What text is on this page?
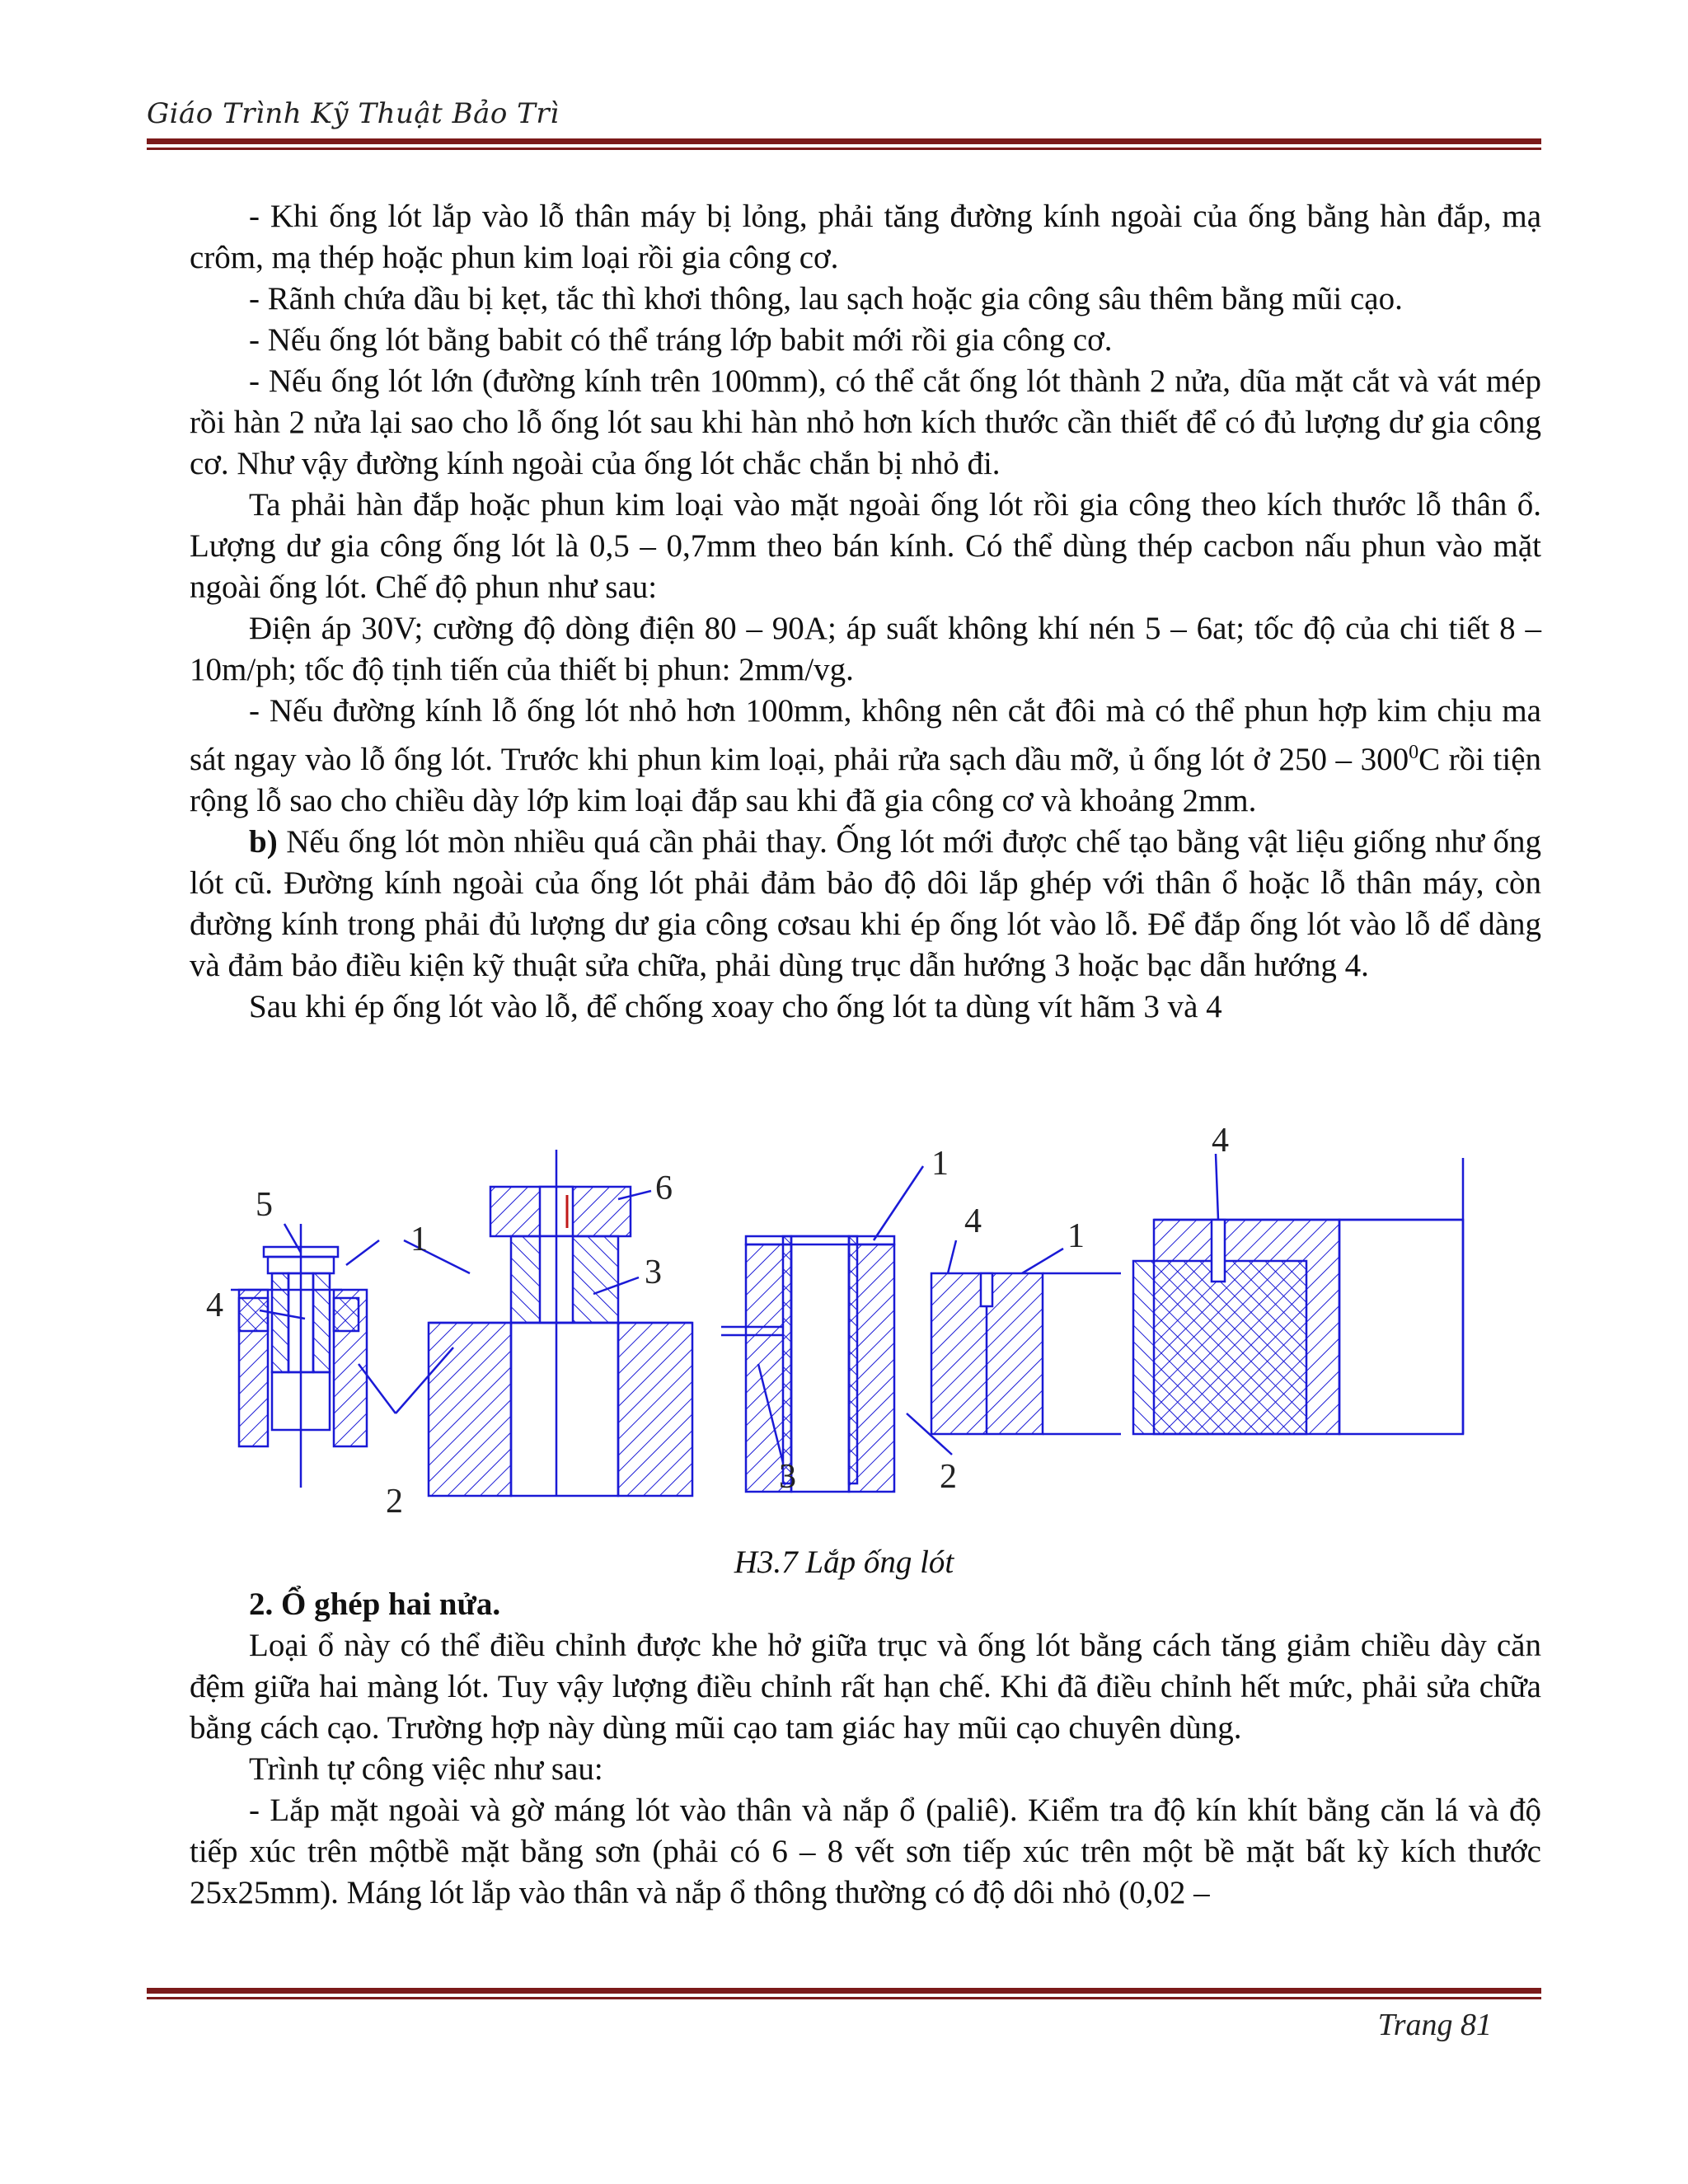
Giáo Trình Kỹ Thuật Bảo Trì

- Khi ống lót lắp vào lỗ thân máy bị lỏng, phải tăng đường kính ngoài của ống bằng hàn đắp, mạ crôm, mạ thép hoặc phun kim loại rồi gia công cơ.

- Rãnh chứa dầu bị kẹt, tắc thì khơi thông, lau sạch hoặc gia công sâu thêm bằng mũi cạo.

- Nếu ống lót bằng babit có thể tráng lớp babit mới rồi gia công cơ.

- Nếu ống lót lớn (đường kính trên 100mm), có thể cắt ống lót thành 2 nửa, dũa mặt cắt và vát mép rồi hàn 2 nửa lại sao cho lỗ ống lót sau khi hàn nhỏ hơn kích thước cần thiết để có đủ lượng dư gia công cơ. Như vậy đường kính ngoài của ống lót chắc chắn bị nhỏ đi.

Ta phải hàn đắp hoặc phun kim loại vào mặt ngoài ống lót rồi gia công theo kích thước lỗ thân ổ. Lượng dư gia công ống lót là 0,5 – 0,7mm theo bán kính. Có thể dùng thép cacbon nấu phun vào mặt ngoài ống lót. Chế độ phun như sau:

Điện áp 30V; cường độ dòng điện 80 – 90A; áp suất không khí nén 5 – 6at; tốc độ của chi tiết 8 – 10m/ph; tốc độ tịnh tiến của thiết bị phun: 2mm/vg.

- Nếu đường kính lỗ ống lót nhỏ hơn 100mm, không nên cắt đôi mà có thể phun hợp kim chịu ma sát ngay vào lỗ ống lót. Trước khi phun kim loại, phải rửa sạch dầu mỡ, ủ ống lót ở $250 - 300^0C$ rồi tiện rộng lỗ sao cho chiều dày lớp kim loại đắp sau khi đã gia công cơ và khoảng 2mm.

b) Nếu ống lót mòn nhiều quá cần phải thay. Ống lót mới được chế tạo bằng vật liệu giống như ống lót cũ. Đường kính ngoài của ống lót phải đảm bảo độ dôi lắp ghép với thân ổ hoặc lỗ thân máy, còn đường kính trong phải đủ lượng dư gia công cơsau khi ép ống lót vào lỗ. Để đắp ống lót vào lỗ dể dàng và đảm bảo điều kiện kỹ thuật sửa chữa, phải dùng trục dẫn hướng 3 hoặc bạc dẫn hướng 4.

Sau khi ép ống lót vào lỗ, để chống xoay cho ống lót ta dùng vít hãm 3 và 4

5
1
4
2
6
3
1
3
4 1
2
4
H3.7 Lắp ống lót
2. Ổ ghép hai nửa.

Loại ổ này có thể điều chỉnh được khe hở giữa trục và ống lót bằng cách tăng giảm chiều dày căn đệm giữa hai màng lót. Tuy vậy lượng điều chỉnh rất hạn chế. Khi đã điều chỉnh hết mức, phải sửa chữa bằng cách cạo. Trường hợp này dùng mũi cạo tam giác hay mũi cạo chuyên dùng.

Trình tự công việc như sau:

- Lắp mặt ngoài và gờ máng lót vào thân và nắp ổ (paliê). Kiểm tra độ kín khít bằng căn lá và độ tiếp xúc trên mộtbề mặt bằng sơn (phải có 6 – 8 vết sơn tiếp xúc trên một bề mặt bất kỳ kích thước 25x25mm). Máng lót lắp vào thân và nắp ổ thông thường có độ dôi nhỏ (0,02 –

Trang 81
